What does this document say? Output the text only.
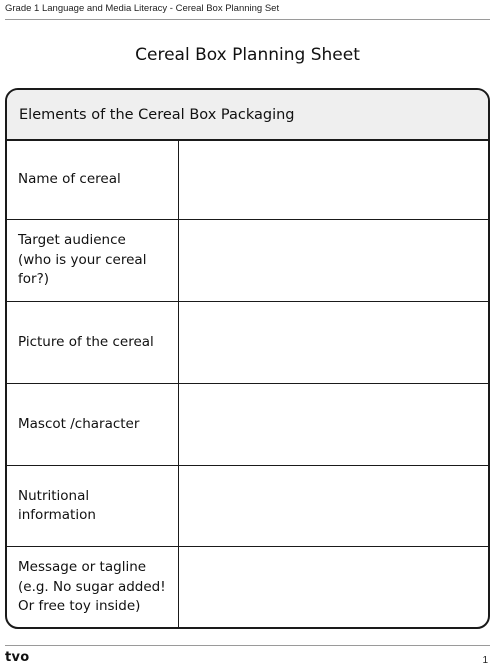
Grade 1 Language and Media Literacy - Cereal Box Planning Set
Cereal Box Planning Sheet
Elements of the Cereal Box Packaging
Name of cereal
Target audience
(who is your cereal
for?)
Picture of the cereal
Mascot /character
Nutritional
information
Message or tagline
(e.g. No sugar added!
Or free toy inside)
tvo	1
